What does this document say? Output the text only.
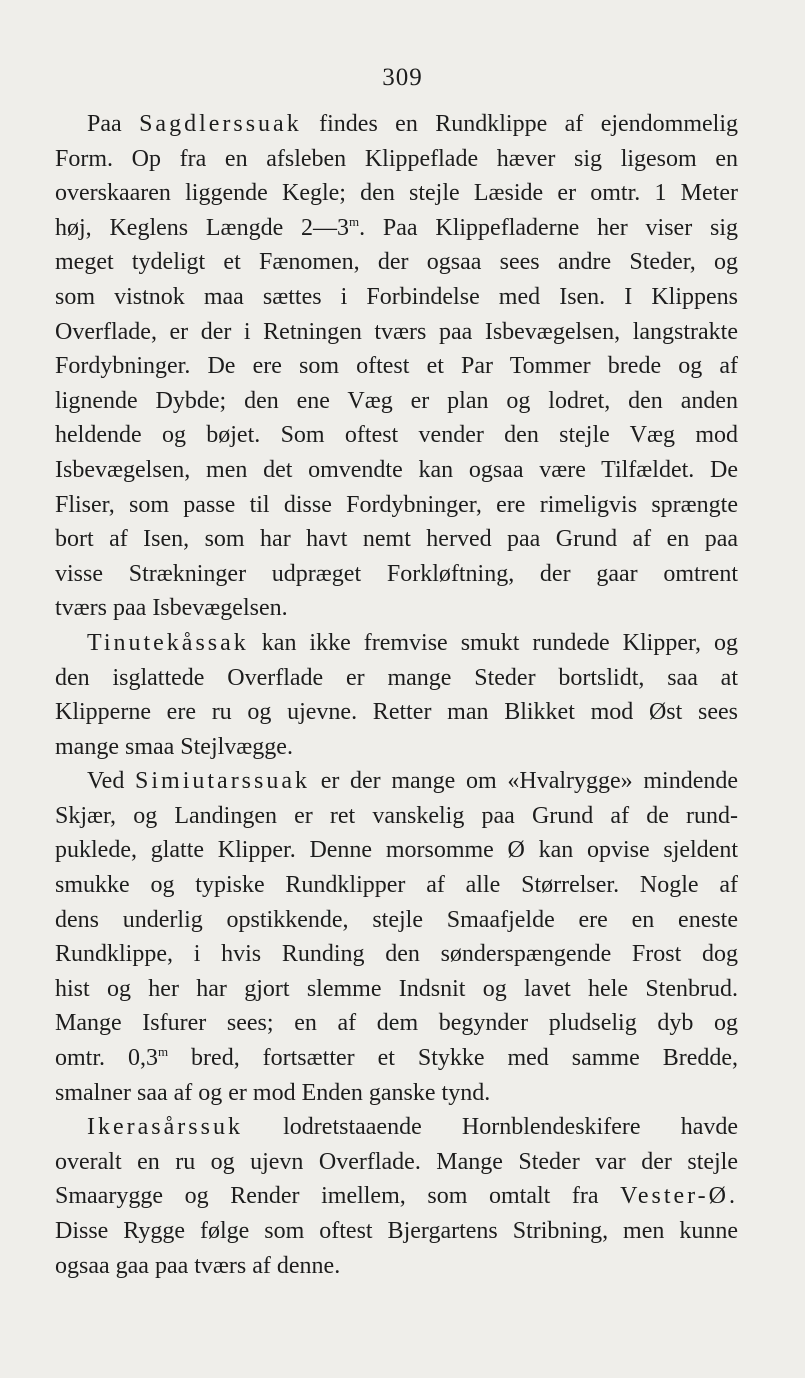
309
Paa Sagdlerssuak findes en Rundklippe af ejendommelig
Form. Op fra en afsleben Klippeflade hæver sig ligesom en
overskaaren liggende Kegle; den stejle Læside er omtr. 1 Meter
høj, Keglens Længde 2—3$^m$. Paa Klippefladerne her viser sig
meget tydeligt et Fænomen, der ogsaa sees andre Steder, og
som vistnok maa sættes i Forbindelse med Isen. I Klippens
Overflade, er der i Retningen tværs paa Isbevægelsen, langstrakte
Fordybninger. De ere som oftest et Par Tommer brede og af
lignende Dybde; den ene Væg er plan og lodret, den anden
heldende og bøjet. Som oftest vender den stejle Væg mod
Isbevægelsen, men det omvendte kan ogsaa være Tilfældet. De
Fliser, som passe til disse Fordybninger, ere rimeligvis sprængte
bort af Isen, som har havt nemt herved paa Grund af en paa
visse Strækninger udpræget Forkløftning, der gaar omtrent
tværs paa Isbevægelsen.
Tinutekåssak kan ikke fremvise smukt rundede Klipper, og
den isglattede Overflade er mange Steder bortslidt, saa at
Klipperne ere ru og ujevne. Retter man Blikket mod Øst sees
mange smaa Stejlvægge.
Ved Simiutarssuak er der mange om «Hvalrygge» mindende
Skjær, og Landingen er ret vanskelig paa Grund af de rund-
puklede, glatte Klipper. Denne morsomme Ø kan opvise sjeldent
smukke og typiske Rundklipper af alle Størrelser. Nogle af
dens underlig opstikkende, stejle Smaafjelde ere en eneste
Rundklippe, i hvis Runding den sønderspængende Frost dog
hist og her har gjort slemme Indsnit og lavet hele Stenbrud.
Mange Isfurer sees; en af dem begynder pludselig dyb og
omtr. 0,3$^m$ bred, fortsætter et Stykke med samme Bredde,
smalner saa af og er mod Enden ganske tynd.
Ikerasårssuk lodretstaaende Hornblendeskifere havde
overalt en ru og ujevn Overflade. Mange Steder var der stejle
Smaarygge og Render imellem, som omtalt fra Vester-Ø.
Disse Rygge følge som oftest Bjergartens Stribning, men kunne
ogsaa gaa paa tværs af denne.
